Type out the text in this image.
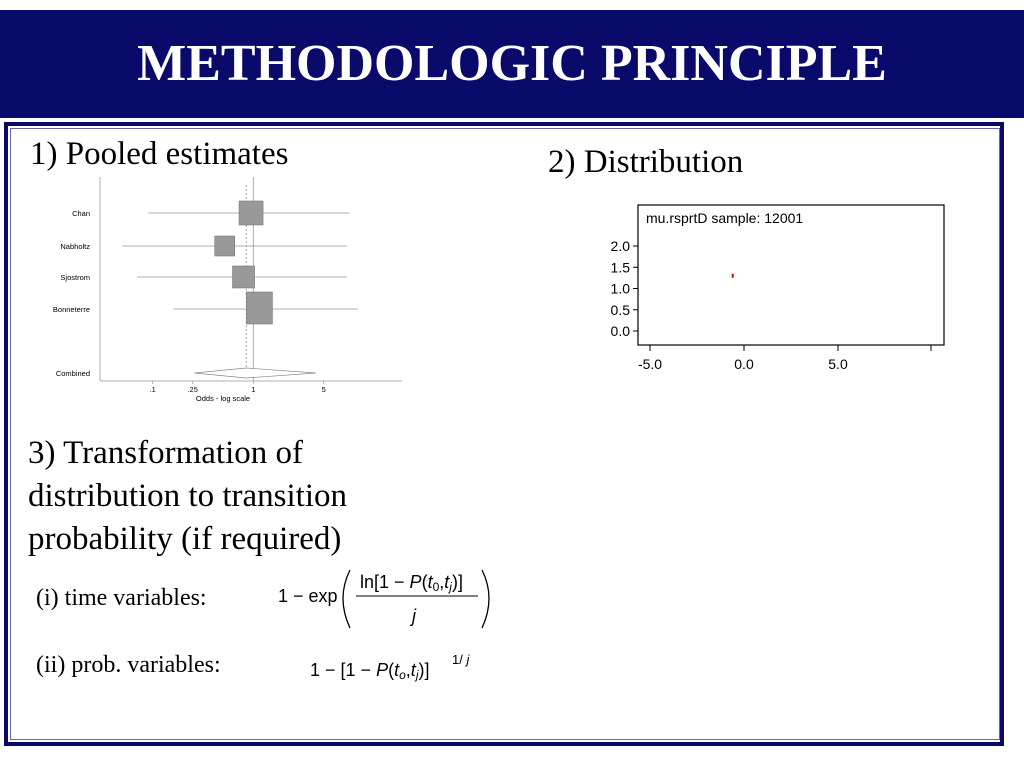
METHODOLOGIC PRINCIPLE
1) Pooled estimates	2) Distribution
Chan
Nabholtz
Sjostrom
Bonneterre
Combined
.1	.25	1	5
Odds - log scale
mu.rsprtD sample: 12001
2.0
1.5
1.0
0.5
0.0
-5.0	0.0	5.0
3) Transformation of
distribution to transition
probability (if required)
(i) time variables:
(ii) prob. variables:
1 − exp
ln[1 − P(t0,tj)]
j
1 − [1 − P(to,tj)]
1/ j
